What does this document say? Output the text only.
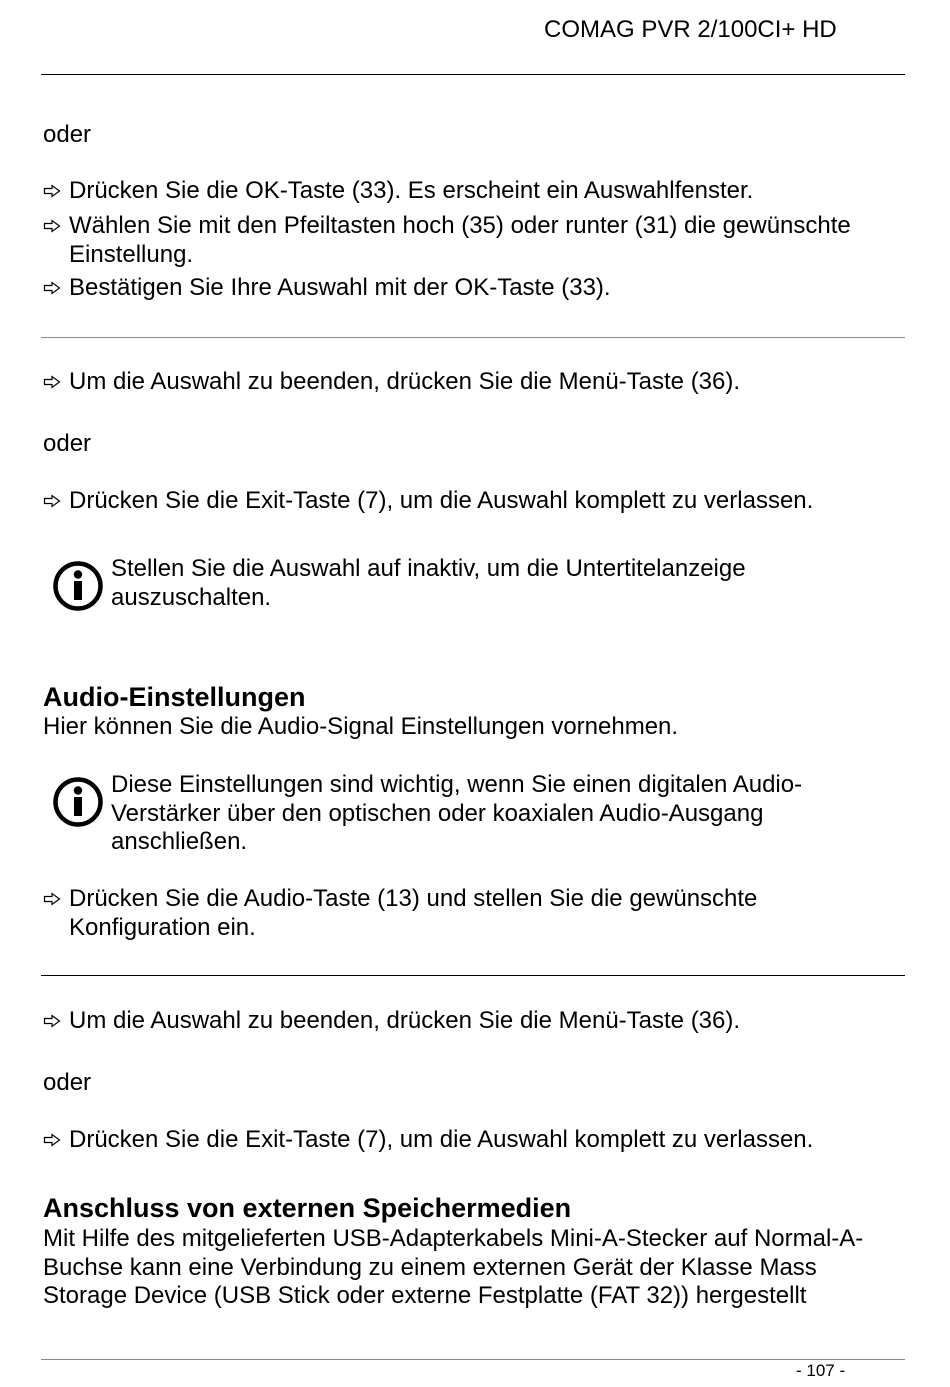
COMAG PVR 2/100CI+ HD
oder
Drücken Sie die OK-Taste (33). Es erscheint ein Auswahlfenster.
Wählen Sie mit den Pfeiltasten hoch (35) oder runter (31) die gewünschte
Einstellung.
Bestätigen Sie Ihre Auswahl mit der OK-Taste (33).
Um die Auswahl zu beenden, drücken Sie die Menü-Taste (36).
oder
Drücken Sie die Exit-Taste (7), um die Auswahl komplett zu verlassen.
Stellen Sie die Auswahl auf inaktiv, um die Untertitelanzeige
auszuschalten.
Audio-Einstellungen
Hier können Sie die Audio-Signal Einstellungen vornehmen.
Diese Einstellungen sind wichtig, wenn Sie einen digitalen Audio-
Verstärker über den optischen oder koaxialen Audio-Ausgang
anschließen.
Drücken Sie die Audio-Taste (13) und stellen Sie die gewünschte
Konfiguration ein.
Um die Auswahl zu beenden, drücken Sie die Menü-Taste (36).
oder
Drücken Sie die Exit-Taste (7), um die Auswahl komplett zu verlassen.
Anschluss von externen Speichermedien
Mit Hilfe des mitgelieferten USB-Adapterkabels Mini-A-Stecker auf Normal-A-
Buchse kann eine Verbindung zu einem externen Gerät der Klasse Mass
Storage Device (USB Stick oder externe Festplatte (FAT 32)) hergestellt
- 107 -
